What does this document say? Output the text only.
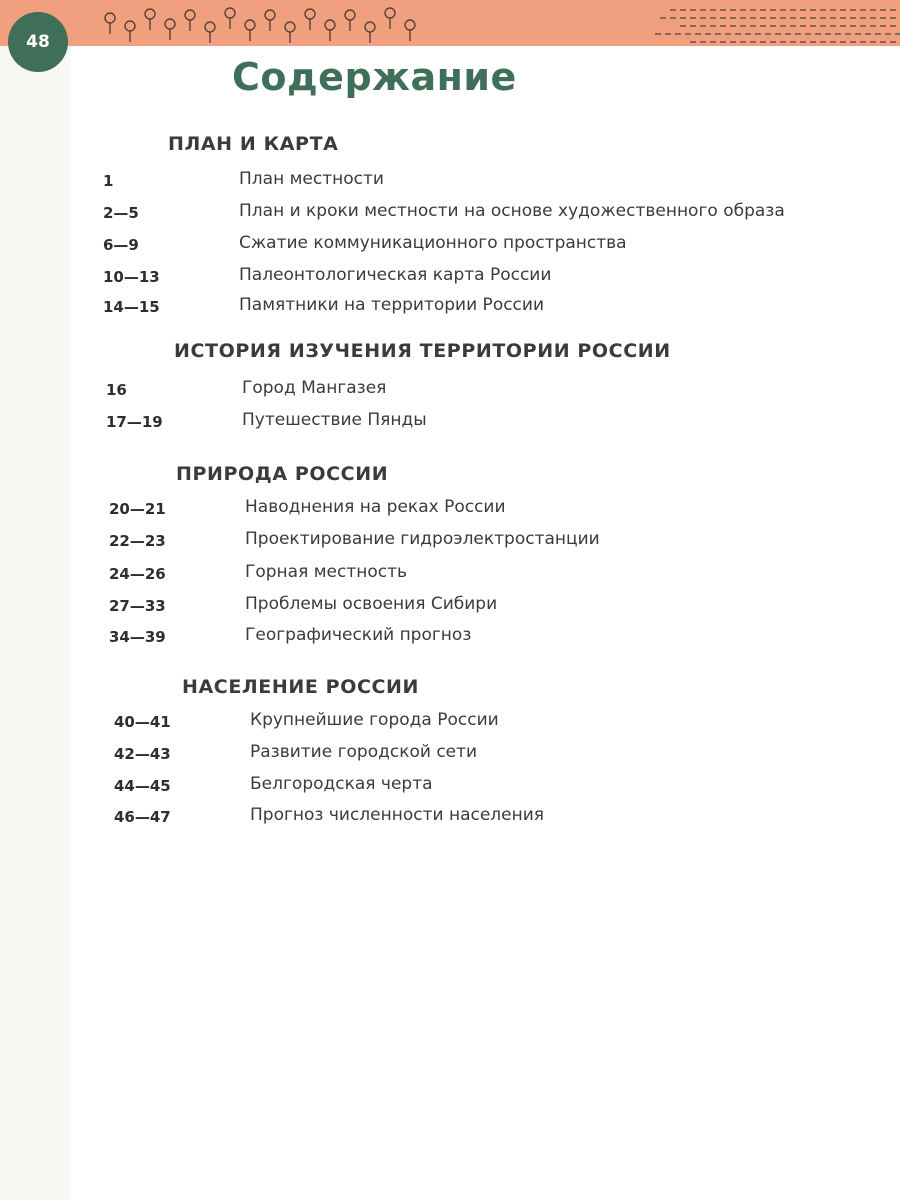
48
Содержание
ПЛАН И КАРТА
1	План местности
2—5	План и кроки местности на основе художественного образа
6—9	Сжатие коммуникационного пространства
10—13	Палеонтологическая карта России
14—15	Памятники на территории России
ИСТОРИЯ ИЗУЧЕНИЯ ТЕРРИТОРИИ РОССИИ
16	Город Мангазея
17—19	Путешествие Пянды
ПРИРОДА РОССИИ
20—21	Наводнения на реках России
22—23	Проектирование гидроэлектростанции
24—26	Горная местность
27—33	Проблемы освоения Сибири
34—39	Географический прогноз
НАСЕЛЕНИЕ РОССИИ
40—41	Крупнейшие города России
42—43	Развитие городской сети
44—45	Белгородская черта
46—47	Прогноз численности населения
